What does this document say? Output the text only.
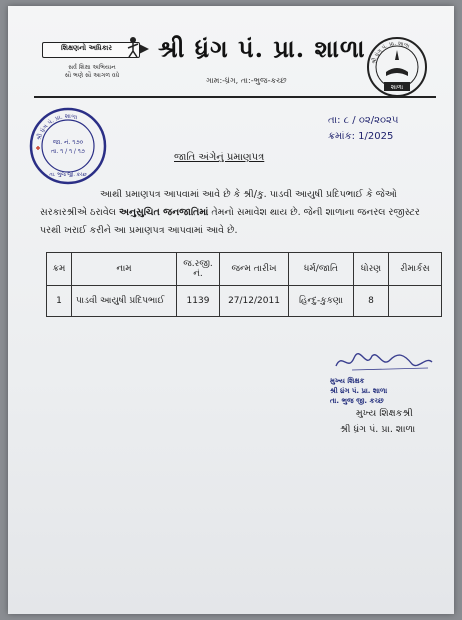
શિક્ષણનો અધિકાર
સર્વ શિક્ષા અભિયાન
સૌ ભણે સૌ આગળ વધે
શ્રી ધ્રંગ પં. પ્રા. શાળા
ગામ:-ધ્રંગ, તા:-ભુજ-કચ્છ
શ્રી ધ્રંગ પં. પ્રા. શાળા
શાળા
શ્રી ધ્રંગ પં. પ્રા. શાળા
જા. નં. ૧૭૦
તા. ૧ / ૧ / ૧૭
તા. ભુજ જી. કચ્છ
તા: ૮ / ૦૨/૨૦૨૫
ક્રમાંક: 1/2025
જાતિ અંગેનું પ્રમાણપત્ર
આથી પ્રમાણપત્ર આપવામાં આવે છે કે શ્રી/કુ. પાડવી આયુષી પ્રદિપભાઈ કે જેઓ સરકારશ્રીએ ઠરાવેલ અનુસુચિત જનજાતિમાં તેમનો સમાવેશ થાય છે. જેની શાળાના જનરલ રજીસ્ટર પરથી ખરાઈ કરીને આ પ્રમાણપત્ર આપવામાં આવે છે.
ક્રમ	નામ	જ.રજી. નં.	જન્મ તારીખ	ધર્મ/જાતિ	ધોરણ	રીમાર્કસ
1	પાડવી આયુષી પ્રદિપભાઈ	1139	27/12/2011	હિન્દુ-કુકણા	8	
મુખ્ય શિક્ષક
શ્રી ધ્રંગ પં. પ્રા. શાળા
તા. ભુજ જી. કચ્છ
મુખ્ય શિક્ષકશ્રી
શ્રી ધ્રંગ પં. પ્રા. શાળા
